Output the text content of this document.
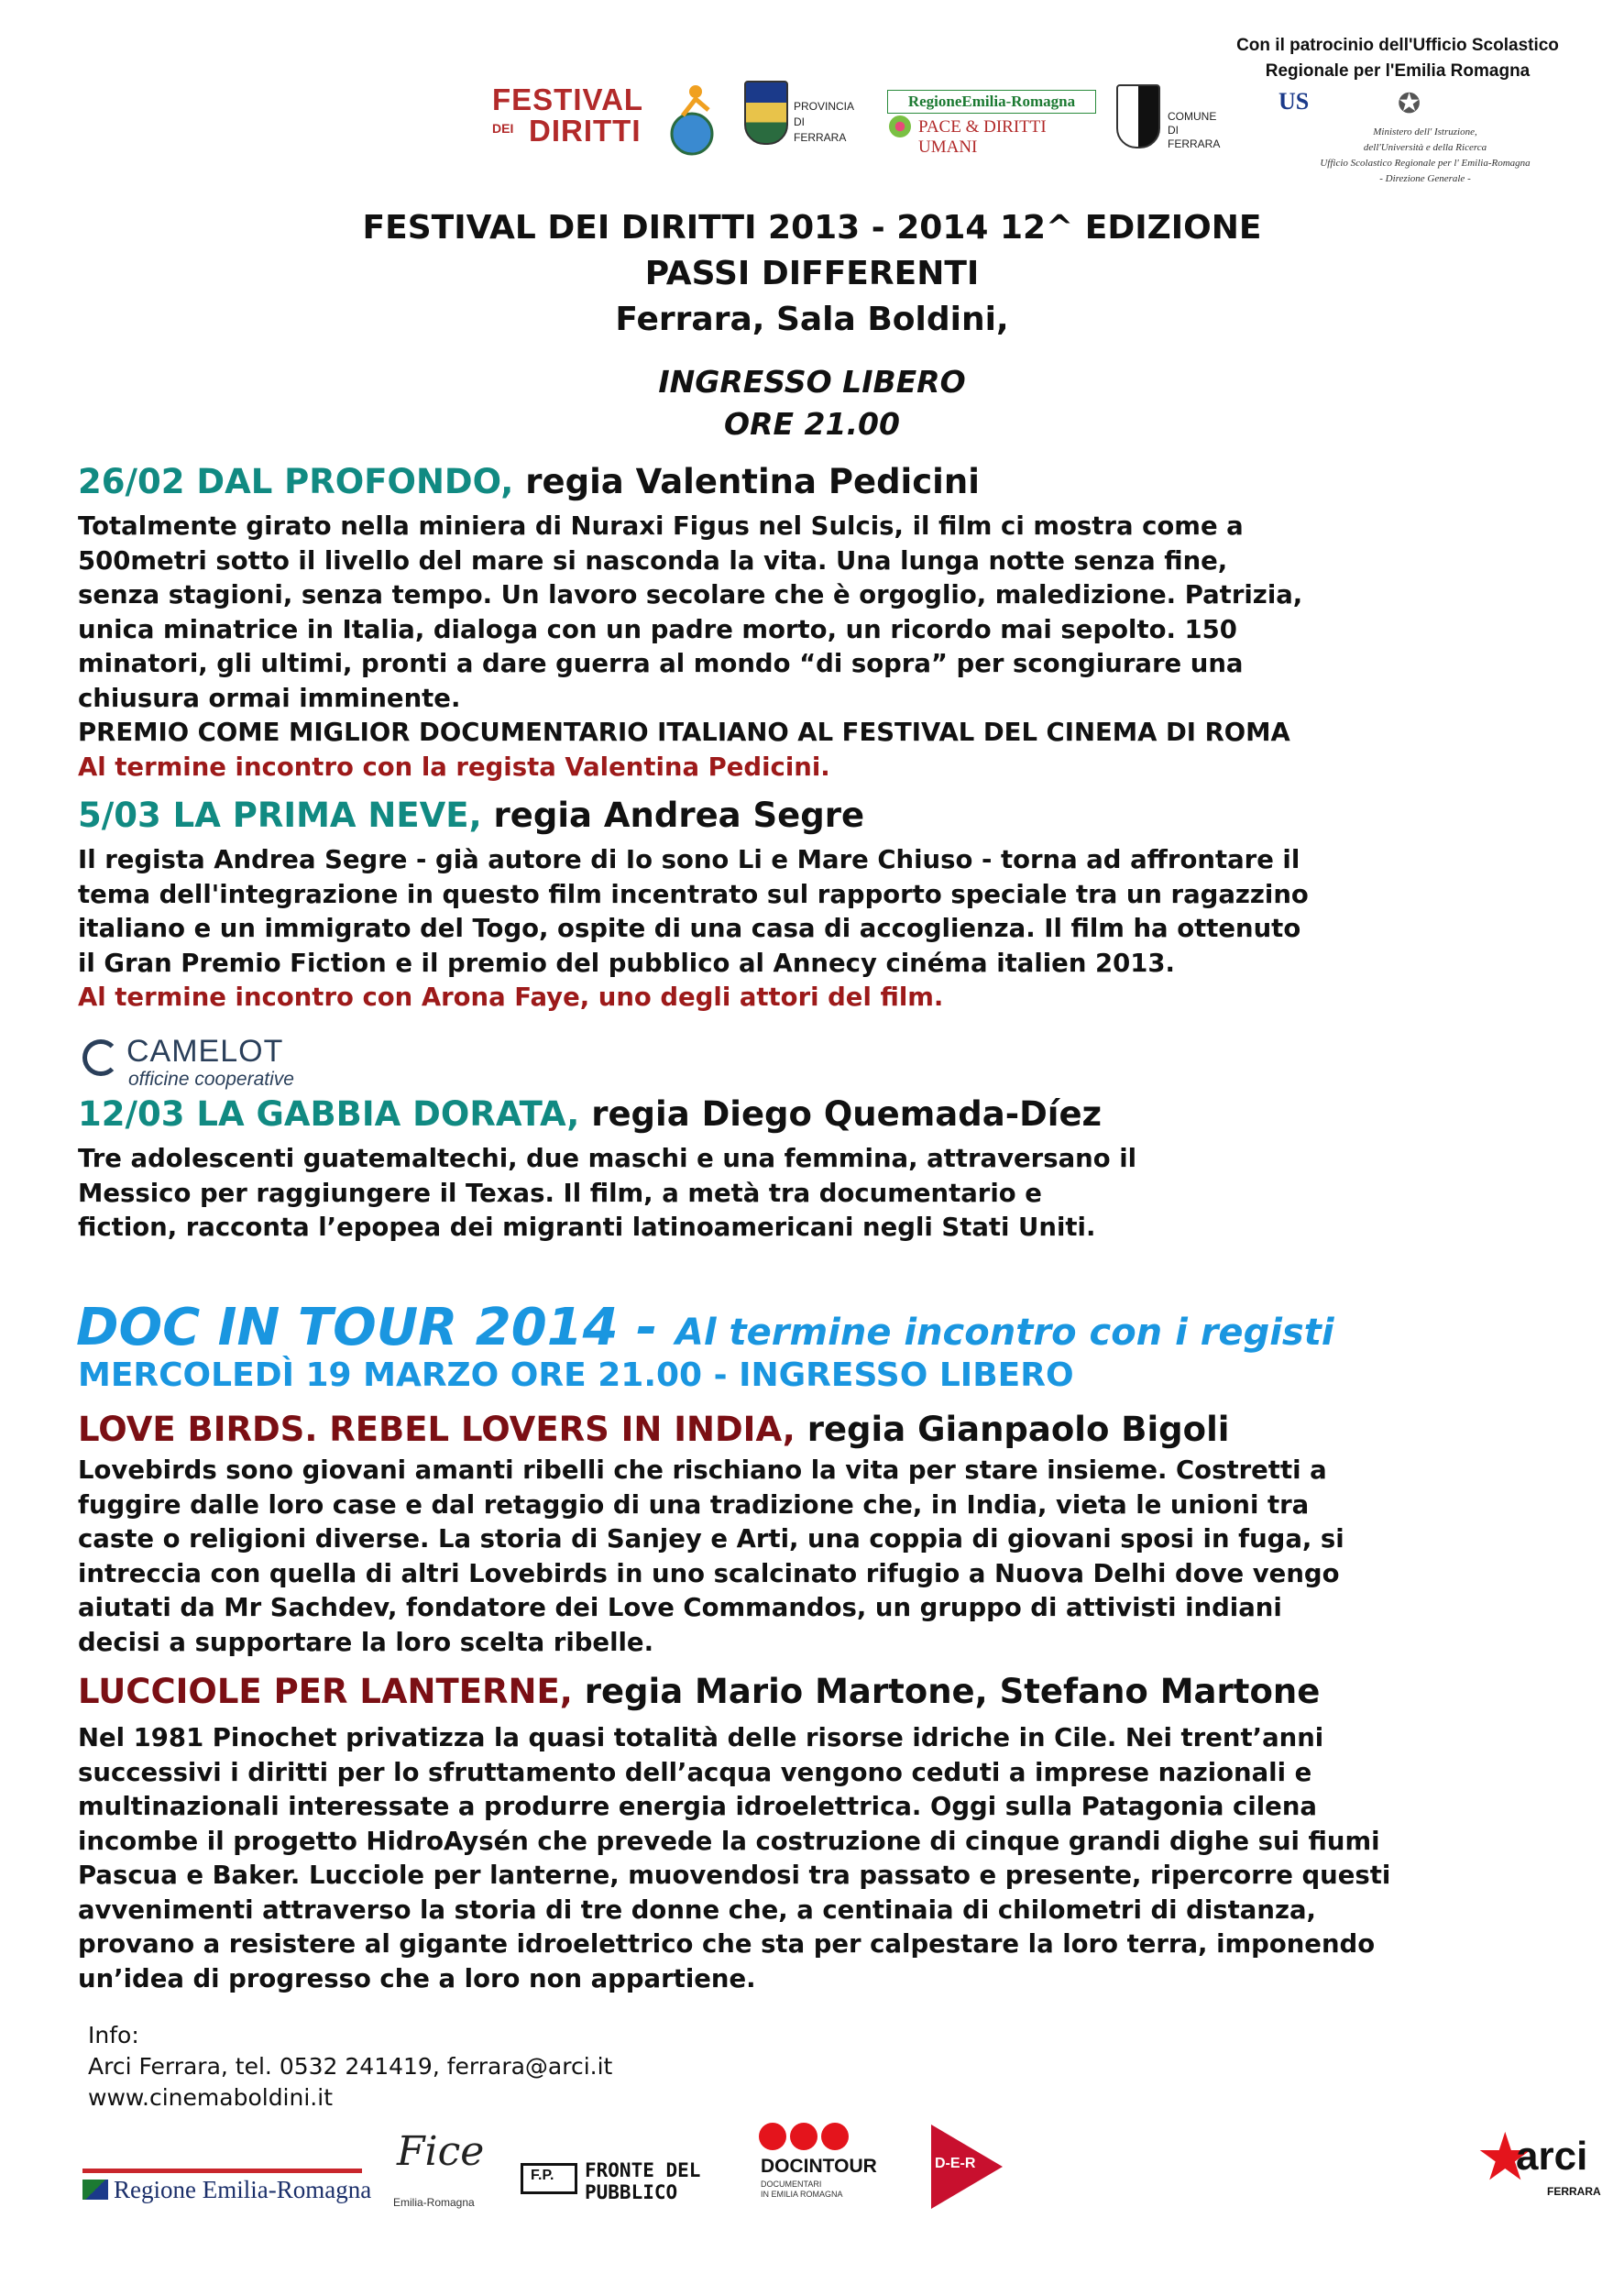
Con il patrocinio dell'Ufficio Scolastico
Regionale per l'Emilia Romagna
FESTIVAL
DEI DIRITTI
PROVINCIA
DI FERRARA
RegioneEmilia-Romagna
PACE & DIRITTI UMANI
COMUNE
DI FERRARA
US	✪
Ministero dell' Istruzione,
dell'Università e della Ricerca
Ufficio Scolastico Regionale per l' Emilia-Romagna
- Direzione Generale -
FESTIVAL DEI DIRITTI 2013 - 2014 12^ EDIZIONE
PASSI DIFFERENTI
Ferrara, Sala Boldini,
INGRESSO LIBERO
ORE 21.00
26/02 DAL PROFONDO, regia Valentina Pedicini
Totalmente girato nella miniera di Nuraxi Figus nel Sulcis, il film ci mostra come a
500metri sotto il livello del mare si nasconda la vita. Una lunga notte senza fine,
senza stagioni, senza tempo. Un lavoro secolare che è orgoglio, maledizione. Patrizia,
unica minatrice in Italia, dialoga con un padre morto, un ricordo mai sepolto. 150
minatori, gli ultimi, pronti a dare guerra al mondo “di sopra” per scongiurare una
chiusura ormai imminente.
PREMIO COME MIGLIOR DOCUMENTARIO ITALIANO AL FESTIVAL DEL CINEMA DI ROMA
Al termine incontro con la regista Valentina Pedicini.
5/03 LA PRIMA NEVE, regia Andrea Segre
Il regista Andrea Segre - già autore di Io sono Li e Mare Chiuso - torna ad affrontare il
tema dell'integrazione in questo film incentrato sul rapporto speciale tra un ragazzino
italiano e un immigrato del Togo, ospite di una casa di accoglienza. Il film ha ottenuto
il Gran Premio Fiction e il premio del pubblico al Annecy cinéma italien 2013.
Al termine incontro con Arona Faye, uno degli attori del film.
CAMELOT
officine cooperative
12/03 LA GABBIA DORATA, regia Diego Quemada-Díez
Tre adolescenti guatemaltechi, due maschi e una femmina, attraversano il
Messico per raggiungere il Texas. Il film, a metà tra documentario e
fiction, racconta l’epopea dei migranti latinoamericani negli Stati Uniti.
DOC IN TOUR 2014 - Al termine incontro con i registi
MERCOLEDÌ 19 MARZO ORE 21.00 - INGRESSO LIBERO
LOVE BIRDS. REBEL LOVERS IN INDIA, regia Gianpaolo Bigoli
Lovebirds sono giovani amanti ribelli che rischiano la vita per stare insieme. Costretti a
fuggire dalle loro case e dal retaggio di una tradizione che, in India, vieta le unioni tra
caste o religioni diverse. La storia di Sanjey e Arti, una coppia di giovani sposi in fuga, si
intreccia con quella di altri Lovebirds in uno scalcinato rifugio a Nuova Delhi dove vengo
aiutati da Mr Sachdev, fondatore dei Love Commandos, un gruppo di attivisti indiani
decisi a supportare la loro scelta ribelle.
LUCCIOLE PER LANTERNE, regia Mario Martone, Stefano Martone
Nel 1981 Pinochet privatizza la quasi totalità delle risorse idriche in Cile. Nei trent’anni
successivi i diritti per lo sfruttamento dell’acqua vengono ceduti a imprese nazionali e
multinazionali interessate a produrre energia idroelettrica. Oggi sulla Patagonia cilena
incombe il progetto HidroAysén che prevede la costruzione di cinque grandi dighe sui fiumi
Pascua e Baker. Lucciole per lanterne, muovendosi tra passato e presente, ripercorre questi
avvenimenti attraverso la storia di tre donne che, a centinaia di chilometri di distanza,
provano a resistere al gigante idroelettrico che sta per calpestare la loro terra, imponendo
un’idea di progresso che a loro non appartiene.
Info:
Arci Ferrara, tel. 0532 241419, ferrara@arci.it
www.cinemaboldini.it
Regione Emilia-Romagna
Fice
Emilia-Romagna
F.P. FRONTE DEL
PUBBLICO
DOCINTOUR
DOCUMENTARI
IN EMILIA ROMAGNA
D-E-R	★
arci
FERRARA
